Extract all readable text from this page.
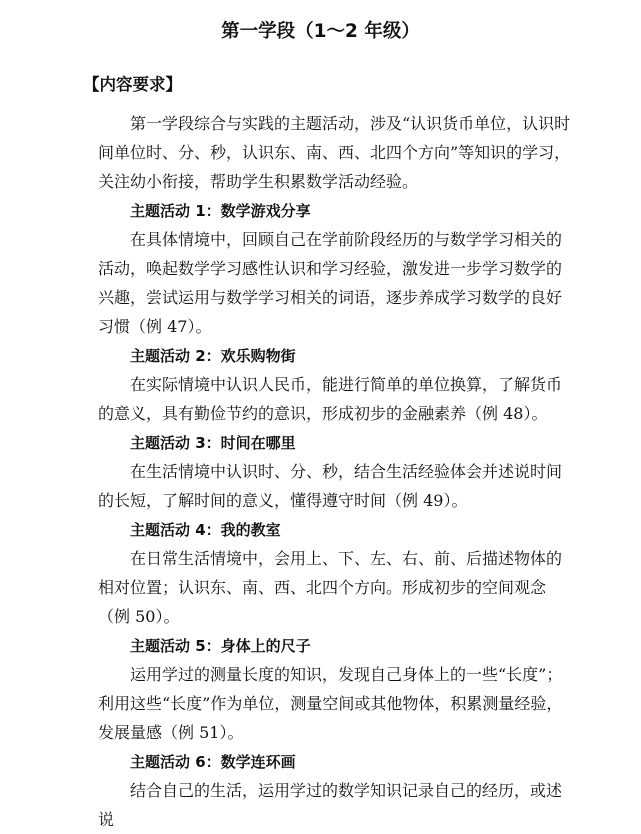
第一学段（1～2 年级）
【内容要求】

第一学段综合与实践的主题活动，涉及“认识货币单位，认识时间单位时、分、秒，认识东、南、西、北四个方向”等知识的学习，关注幼小衔接，帮助学生积累数学活动经验。

主题活动 1：数学游戏分享

在具体情境中，回顾自己在学前阶段经历的与数学学习相关的活动，唤起数学学习感性认识和学习经验，激发进一步学习数学的兴趣，尝试运用与数学学习相关的词语，逐步养成学习数学的良好习惯（例 47）。

主题活动 2：欢乐购物街

在实际情境中认识人民币，能进行简单的单位换算，了解货币的意义，具有勤俭节约的意识，形成初步的金融素养（例 48）。

主题活动 3：时间在哪里

在生活情境中认识时、分、秒，结合生活经验体会并述说时间的长短，了解时间的意义，懂得遵守时间（例 49）。

主题活动 4：我的教室

在日常生活情境中，会用上、下、左、右、前、后描述物体的相对位置；认识东、南、西、北四个方向。形成初步的空间观念（例 50）。

主题活动 5：身体上的尺子

运用学过的测量长度的知识，发现自己身体上的一些“长度”；利用这些“长度”作为单位，测量空间或其他物体，积累测量经验，发展量感（例 51）。

主题活动 6：数学连环画

结合自己的生活，运用学过的数学知识记录自己的经历，或述说
